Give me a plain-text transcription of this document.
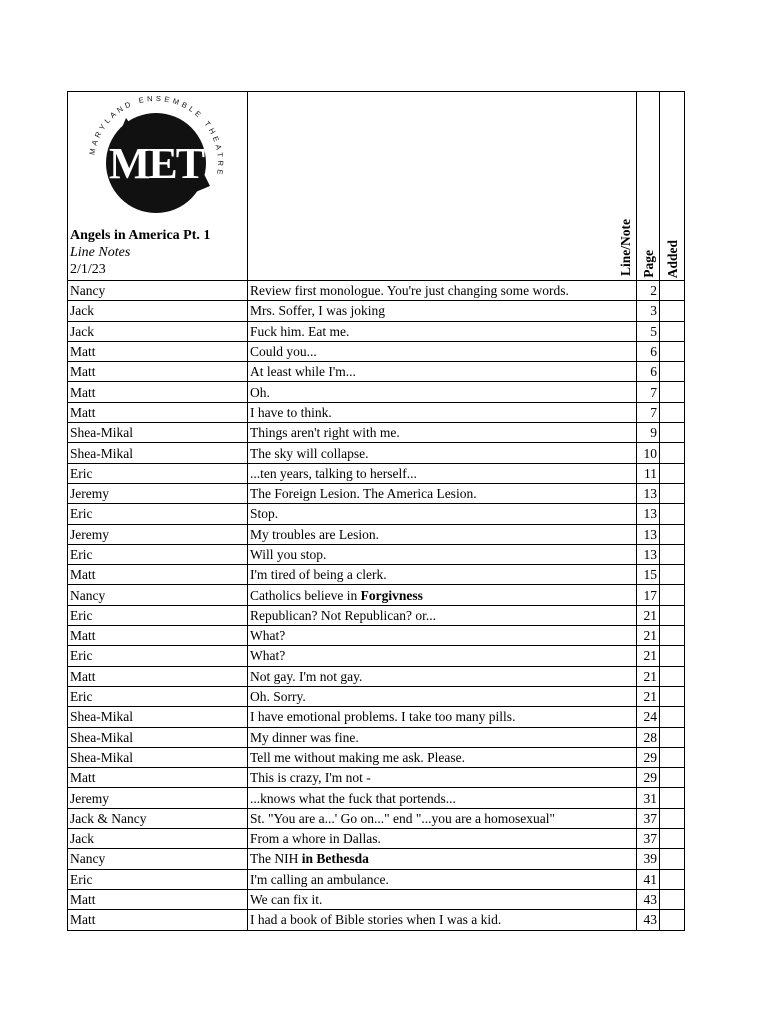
MET
MARYLAND ENSEMBLE THEATRE
Angels in America Pt. 1
Line Notes
2/1/23	Line/Note	Page	Added

Nancy	Review first monologue. You're just changing some words.	2	
Jack	Mrs. Soffer, I was joking	3	
Jack	Fuck him. Eat me.	5	
Matt	Could you...	6	
Matt	At least while I'm...	6	
Matt	Oh.	7	
Matt	I have to think.	7	
Shea-Mikal	Things aren't right with me.	9	
Shea-Mikal	The sky will collapse.	10	
Eric	...ten years, talking to herself...	11	
Jeremy	The Foreign Lesion. The America Lesion.	13	
Eric	Stop.	13	
Jeremy	My troubles are Lesion.	13	
Eric	Will you stop.	13	
Matt	I'm tired of being a clerk.	15	
Nancy	Catholics believe in Forgivness	17	
Eric	Republican? Not Republican? or...	21	
Matt	What?	21	
Eric	What?	21	
Matt	Not gay. I'm not gay.	21	
Eric	Oh. Sorry.	21	
Shea-Mikal	I have emotional problems. I take too many pills.	24	
Shea-Mikal	My dinner was fine.	28	
Shea-Mikal	Tell me without making me ask. Please.	29	
Matt	This is crazy, I'm not -	29	
Jeremy	...knows what the fuck that portends...	31	
Jack & Nancy	St. "You are a...' Go on..." end "...you are a homosexual"	37	
Jack	From a whore in Dallas.	37	
Nancy	The NIH in Bethesda	39	
Eric	I'm calling an ambulance.	41	
Matt	We can fix it.	43	
Matt	I had a book of Bible stories when I was a kid.	43	
